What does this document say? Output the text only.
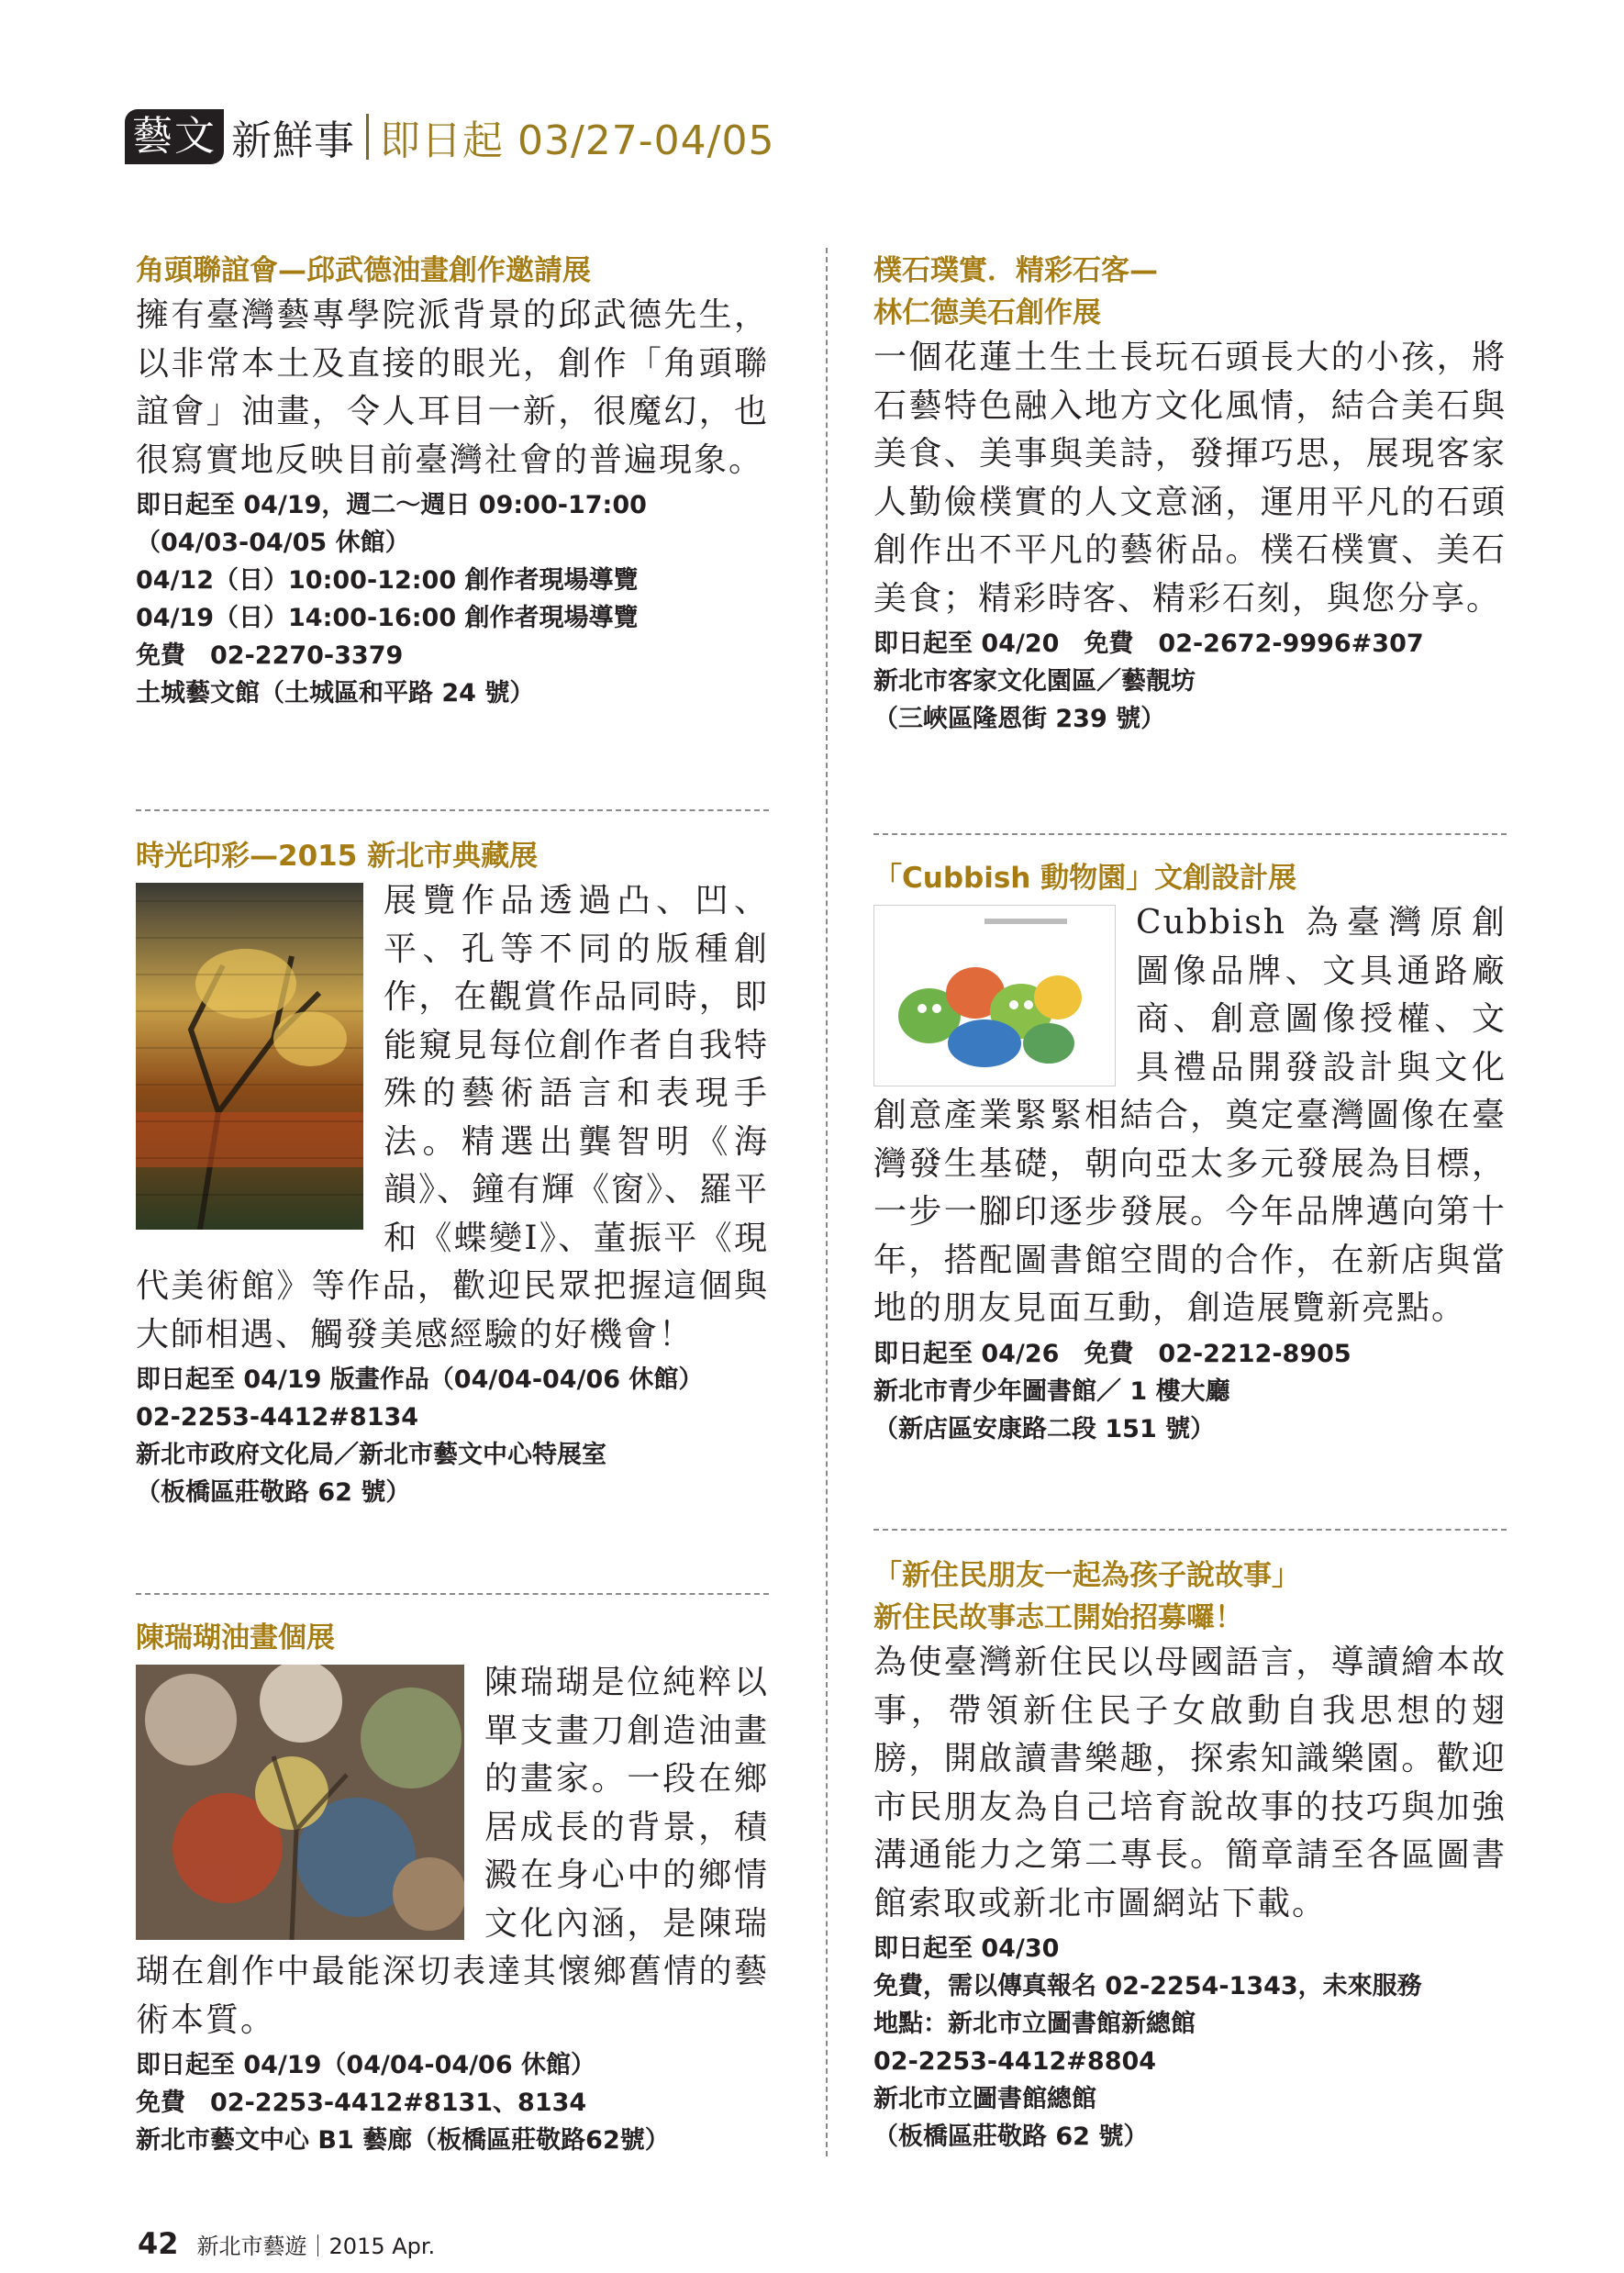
藝文 新鮮事 即日起 03/27-04/05
角頭聯誼會—邱武德油畫創作邀請展

擁有臺灣藝專學院派背景的邱武德先生，以非常本土及直接的眼光，創作「角頭聯誼會」油畫，令人耳目一新，很魔幻，也很寫實地反映目前臺灣社會的普遍現象。

即日起至 04/19，週二～週日 09:00-17:00
（04/03-04/05 休館）
04/12（日）10:00-12:00 創作者現場導覽
04/19（日）14:00-16:00 創作者現場導覽
免費　02-2270-3379
土城藝文館（土城區和平路 24 號）
時光印彩—2015 新北市典藏展

展覽作品透過凸、凹、平、孔等不同的版種創作，在觀賞作品同時，即能窺見每位創作者自我特殊的藝術語言和表現手法。精選出龔智明《海韻》、鐘有輝《窗》、羅平和《蝶變I》、董振平《現代美術館》等作品，歡迎民眾把握這個與大師相遇、觸發美感經驗的好機會！

即日起至 04/19 版畫作品（04/04-04/06 休館）
02-2253-4412#8134
新北市政府文化局／新北市藝文中心特展室
（板橋區莊敬路 62 號）
陳瑞瑚油畫個展

陳瑞瑚是位純粹以單支畫刀創造油畫的畫家。一段在鄉居成長的背景，積澱在身心中的鄉情文化內涵，是陳瑞瑚在創作中最能深切表達其懷鄉舊情的藝術本質。

即日起至 04/19（04/04-04/06 休館）
免費　02-2253-4412#8131、8134
新北市藝文中心 B1 藝廊（板橋區莊敬路62號）
樸石璞實．精彩石客—
林仁德美石創作展

一個花蓮土生土長玩石頭長大的小孩，將石藝特色融入地方文化風情，結合美石與美食、美事與美詩，發揮巧思，展現客家人勤儉樸實的人文意涵，運用平凡的石頭創作出不平凡的藝術品。樸石樸實、美石美食；精彩時客、精彩石刻，與您分享。

即日起至 04/20　免費　02-2672-9996#307
新北市客家文化園區／藝靚坊
（三峽區隆恩街 239 號）
「Cubbish 動物園」文創設計展

Cubbish 為臺灣原創圖像品牌、文具通路廠商、創意圖像授權、文具禮品開發設計與文化創意產業緊緊相結合，奠定臺灣圖像在臺灣發生基礎，朝向亞太多元發展為目標，一步一腳印逐步發展。今年品牌邁向第十年，搭配圖書館空間的合作，在新店與當地的朋友見面互動，創造展覽新亮點。

即日起至 04/26　免費　02-2212-8905
新北市青少年圖書館／ 1 樓大廳
（新店區安康路二段 151 號）
「新住民朋友一起為孩子說故事」
新住民故事志工開始招募囉！

為使臺灣新住民以母國語言，導讀繪本故事，帶領新住民子女啟動自我思想的翅膀，開啟讀書樂趣，探索知識樂園。歡迎市民朋友為自己培育說故事的技巧與加強溝通能力之第二專長。簡章請至各區圖書館索取或新北市圖網站下載。

即日起至 04/30
免費，需以傳真報名 02-2254-1343，未來服務
地點：新北市立圖書館新總館
02-2253-4412#8804
新北市立圖書館總館
（板橋區莊敬路 62 號）
42 新北市藝遊｜2015 Apr.
